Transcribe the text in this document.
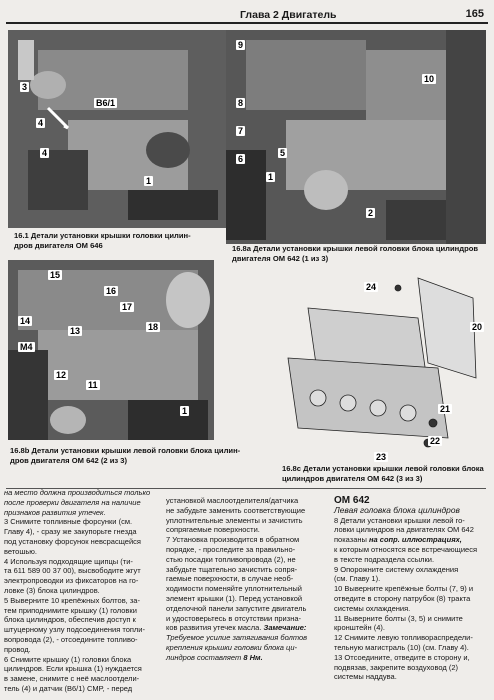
Глава 2 Двигатель	165
3
4
B6/1
4
1
16.1 Детали установки крышки головки цилин-
дров двигателя ОМ 646
9
8
10
7
6
5
1
2
16.8а Детали установки крышки левой головки блока цилиндров
двигателя ОМ 642 (1 из 3)
15
16
17
14
13	18
M4
12
11
1
16.8b Детали установки крышки левой головки блока цилин-
дров двигателя ОМ 642 (2 из 3)
24
20
21
22
23
16.8с Детали установки крышки левой головки блока
цилиндров двигателя ОМ 642 (3 из 3)

на место должна производиться только

после проверки двигателя на наличие

признаков развития утечек.

3 Снимите топливные форсунки (см.

Главу 4), - сразу же закупорьте гнезда

под установку форсунок невсрасщейся

ветошью.

4 Используя подходящие щипцы (ти-

та 611 589 00 37 00), высвободите жгут

электропроводки из фиксаторов на го-

ловке (3) блока цилиндров.

5 Выверните 10 крепёжных болтов, за-

тем приподнимите крышку (1) головки

блока цилиндров, обеспечив доступ к

штуцерному узлу подсоединения топли-

вопровода (2), - отсоедините топливо-

провод.

6 Снимите крышку (1) головки блока

цилиндров. Если крышка (1) нуждается

в замене, снимите с неё маслоотдели-

тель (4) и датчик (B6/1) CMP, - перед

установкой маслоотделителя/датчика

не забудьте заменить соответствующие

уплотнительные элементы и зачистить

сопрягаемые поверхности.

7 Установка производится в обратном

порядке, - проследите за правильно-

стью посадки топливопровода (2), не

забудьте тщательно зачистить сопря-

гаемые поверхности, в случае необ-

ходимости поменяйте уплотнительный

элемент крышки (1). Перед установкой

отделочной панели запустите двигатель

и удостоверьтесь в отсутствии призна-

ков развития утечек масла. Замечание:

Требуемое усилие затягивания болтов

крепления крышки головки блока ци-

линдров составляет 8 Нм.

ОМ 642

Левая головка блока цилиндров

8 Детали установки крышки левой го-

ловки цилиндров на двигателях ОМ 642

показаны на сопр. иллюстрациях,

к которым относятся все встречающиеся

в тексте подраздела ссылки.

9 Опорожните систему охлаждения

(см. Главу 1).

10 Выверните крепёжные болты (7, 9) и

отведите в сторону патрубок (8) тракта

системы охлаждения.

11 Выверните болты (3, 5) и снимите

кронштейн (4).

12 Снимите левую топливораспредели-

тельную магистраль (10) (см. Главу 4).

13 Отсоедините, отведите в сторону и,

подвязав, закрепите воздуховод (2)

системы наддува.
